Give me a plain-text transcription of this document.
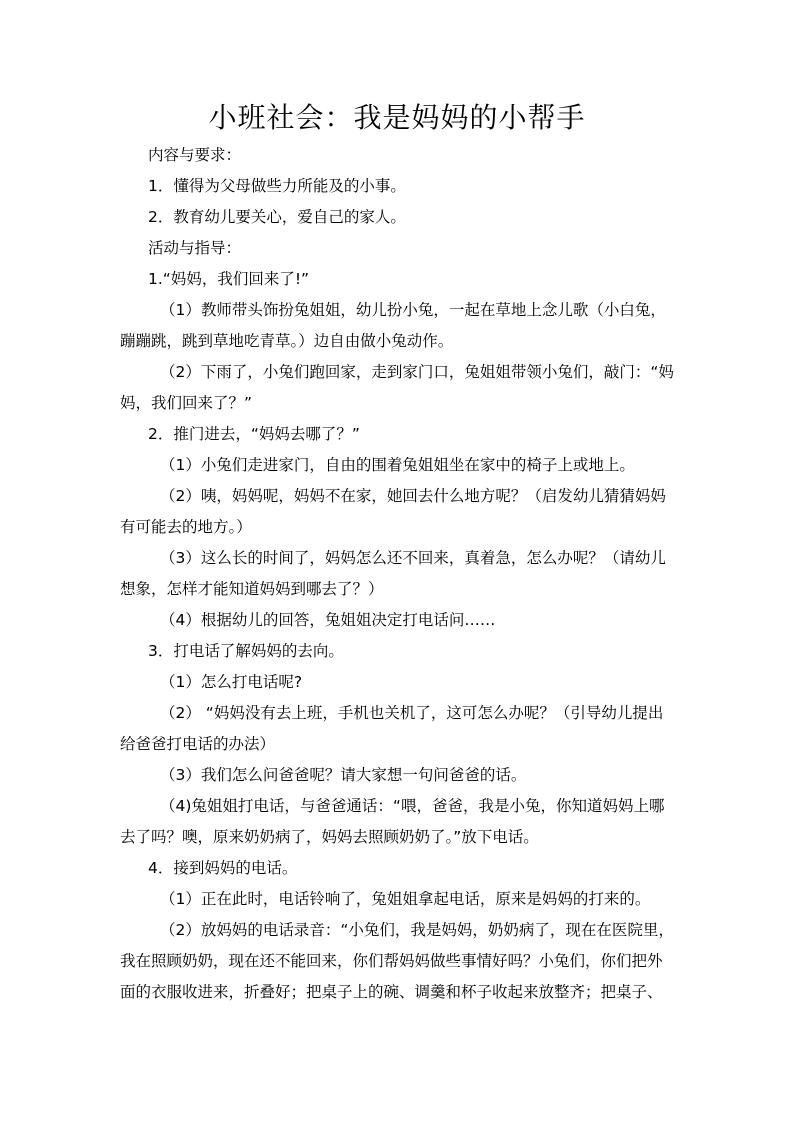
小班社会：我是妈妈的小帮手
内容与要求：
1．懂得为父母做些力所能及的小事。
2．教育幼儿要关心，爱自己的家人。
活动与指导：
1.“妈妈，我们回来了!”
（1）教师带头饰扮兔姐姐，幼儿扮小兔，一起在草地上念儿歌（小白兔，
蹦蹦跳，跳到草地吃青草。）边自由做小兔动作。
（2）下雨了，小兔们跑回家，走到家门口，兔姐姐带领小兔们，敲门：“妈
妈，我们回来了？”
2．推门进去，“妈妈去哪了？”
（1）小兔们走进家门，自由的围着兔姐姐坐在家中的椅子上或地上。
（2）咦，妈妈呢，妈妈不在家，她回去什么地方呢？（启发幼儿猜猜妈妈
有可能去的地方。）
（3）这么长的时间了，妈妈怎么还不回来，真着急，怎么办呢？（请幼儿
想象，怎样才能知道妈妈到哪去了？）
（4）根据幼儿的回答，兔姐姐决定打电话问……
3．打电话了解妈妈的去向。
（1）怎么打电话呢?
（2） “妈妈没有去上班，手机也关机了，这可怎么办呢？（引导幼儿提出
给爸爸打电话的办法）
（3）我们怎么问爸爸呢？请大家想一句问爸爸的话。
（4)兔姐姐打电话，与爸爸通话：“喂，爸爸，我是小兔，你知道妈妈上哪
去了吗？噢，原来奶奶病了，妈妈去照顾奶奶了。”放下电话。
4．接到妈妈的电话。
（1）正在此时，电话铃响了，兔姐姐拿起电话，原来是妈妈的打来的。
（2）放妈妈的电话录音：“小兔们，我是妈妈，奶奶病了，现在在医院里，
我在照顾奶奶，现在还不能回来，你们帮妈妈做些事情好吗？小兔们，你们把外
面的衣服收进来，折叠好；把桌子上的碗、调羹和杯子收起来放整齐；把桌子、
